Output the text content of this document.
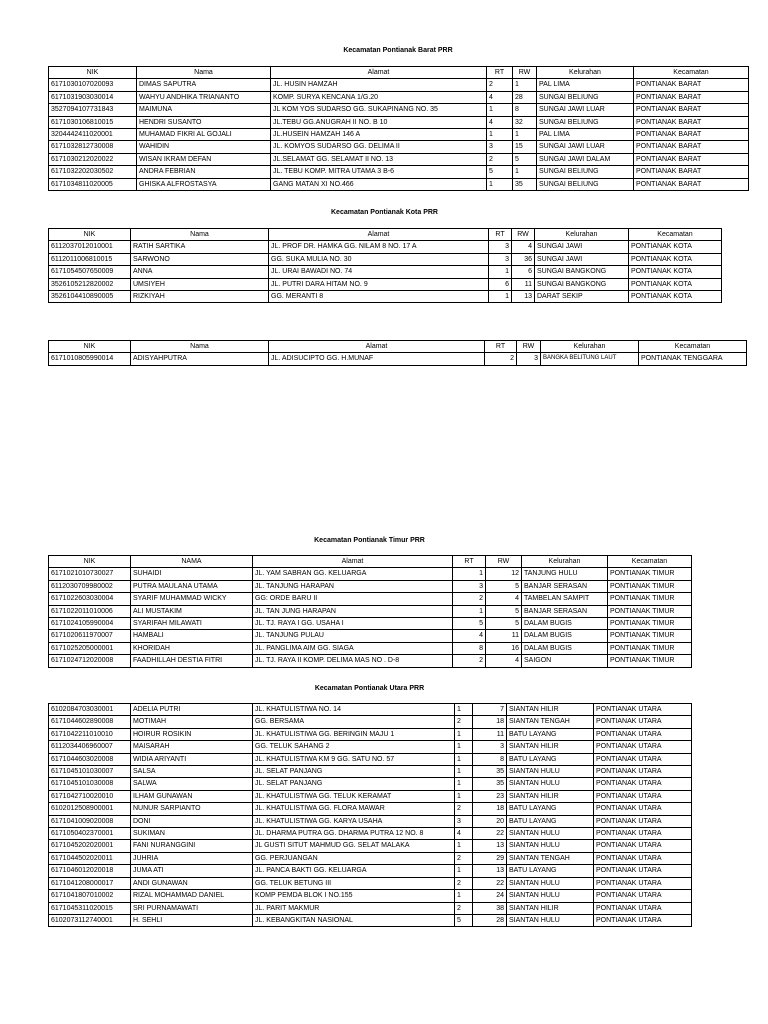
Kecamatan Pontianak Barat PRR
NIK	Nama	Alamat	RT	RW	Kelurahan	Kecamatan
6171030107020093	DIMAS SAPUTRA	JL. HUSIN HAMZAH	2	1	PAL LIMA	PONTIANAK BARAT
6171031903030014	WAHYU ANDHIKA TRIANANTO	KOMP. SURYA KENCANA 1/G.20	4	28	SUNGAI BELIUNG	PONTIANAK BARAT
3527094107731843	MAIMUNA	JL KOM YOS SUDARSO GG. SUKAPINANG NO. 35	1	8	SUNGAI JAWI LUAR	PONTIANAK BARAT
6171030106810015	HENDRI SUSANTO	JL.TEBU GG.ANUGRAH II NO. B 10	4	32	SUNGAI BELIUNG	PONTIANAK BARAT
3204442411020001	MUHAMAD FIKRI AL GOJALI	JL.HUSEIN HAMZAH 146 A	1	1	PAL LIMA	PONTIANAK BARAT
6171032812730008	WAHIDIN	JL. KOMYOS SUDARSO GG. DELIMA II	3	15	SUNGAI JAWI LUAR	PONTIANAK BARAT
6171030212020022	WISAN IKRAM DEFAN	JL.SELAMAT GG. SELAMAT II NO. 13	2	5	SUNGAI JAWI DALAM	PONTIANAK BARAT
6171032202030502	ANDRA FEBRIAN	JL. TEBU KOMP. MITRA UTAMA 3 B-6	5	1	SUNGAI BELIUNG	PONTIANAK BARAT
6171034811020005	GHISKA ALFROSTASYA	GANG MATAN XI NO.466	1	35	SUNGAI BELIUNG	PONTIANAK BARAT
Kecamatan Pontianak Kota PRR
NIK	Nama	Alamat	RT	RW	Kelurahan	Kecamatan
6112037012010001	RATIH SARTIKA	JL. PROF DR. HAMKA GG. NILAM 8 NO. 17 A	3	4	SUNGAI JAWI	PONTIANAK KOTA
6112011006810015	SARWONO	GG. SUKA MULIA NO. 30	3	36	SUNGAI JAWI	PONTIANAK KOTA
6171054507650009	ANNA	JL. URAI BAWADI NO. 74	1	6	SUNGAI BANGKONG	PONTIANAK KOTA
3526105212820002	UMSIYEH	JL. PUTRI DARA HITAM NO. 9	6	11	SUNGAI BANGKONG	PONTIANAK KOTA
3526104410890005	RIZKIYAH	GG. MERANTI 8	1	13	DARAT SEKIP	PONTIANAK KOTA
NIK	Nama	Alamat	RT	RW	Kelurahan	Kecamatan
6171010805990014	ADISYAHPUTRA	JL. ADISUCIPTO GG. H.MUNAF	2	3	BANGKA BELITUNG LAUT	PONTIANAK TENGGARA
Kecamatan Pontianak Timur PRR
NIK	NAMA	Alamat	RT	RW	Kelurahan	Kecamatan
6171021010730027	SUHAIDI	JL. YAM SABRAN GG. KELUARGA	1	12	TANJUNG HULU	PONTIANAK TIMUR
6112030709980002	PUTRA MAULANA UTAMA	JL. TANJUNG HARAPAN	3	5	BANJAR SERASAN	PONTIANAK TIMUR
6171022603030004	SYARIF MUHAMMAD WICKY	GG: ORDE BARU II	2	4	TAMBELAN SAMPIT	PONTIANAK TIMUR
6171022011010006	ALI MUSTAKIM	JL. TAN JUNG HARAPAN	1	5	BANJAR SERASAN	PONTIANAK TIMUR
6171024105990004	SYARIFAH MILAWATI	JL. TJ. RAYA I GG. USAHA I	5	5	DALAM BUGIS	PONTIANAK TIMUR
6171020611970007	HAMBALI	JL. TANJUNG PULAU	4	11	DALAM BUGIS	PONTIANAK TIMUR
6171025205000001	KHORIDAH	JL. PANGLIMA AIM GG. SIAGA	8	16	DALAM BUGIS	PONTIANAK TIMUR
6171024712020008	FAADHILLAH DESTIA FITRI	JL. TJ. RAYA II KOMP. DELIMA MAS NO . D-8	2	4	SAIGON	PONTIANAK TIMUR
Kecamatan Pontianak Utara PRR
6102084703030001	ADELIA PUTRI	JL. KHATULISTIWA NO. 14	1	7	SIANTAN HILIR	PONTIANAK UTARA
6171044602890008	MOTIMAH	GG. BERSAMA	2	18	SIANTAN TENGAH	PONTIANAK UTARA
6171042211010010	HOIRUR ROSIKIN	JL. KHATULISTIWA GG. BERINGIN MAJU 1	1	11	BATU LAYANG	PONTIANAK UTARA
6112034406960007	MAISARAH	GG. TELUK SAHANG 2	1	3	SIANTAN HILIR	PONTIANAK UTARA
6171044603020008	WIDIA ARIYANTI	JL. KHATULISTIWA KM 9 GG. SATU NO. 57	1	8	BATU LAYANG	PONTIANAK UTARA
6171045101030007	SALSA	JL. SELAT PANJANG	1	35	SIANTAN HULU	PONTIANAK UTARA
6171045101030008	SALWA	JL. SELAT PANJANG	1	35	SIANTAN HULU	PONTIANAK UTARA
6171042710020010	ILHAM GUNAWAN	JL. KHATULISTIWA GG. TELUK KERAMAT	1	23	SIANTAN HILIR	PONTIANAK UTARA
6102012508900001	NUNUR SARPIANTO	JL. KHATULISTIWA GG. FLORA MAWAR	2	18	BATU LAYANG	PONTIANAK UTARA
6171041009020008	DONI	JL. KHATULISTIWA GG. KARYA USAHA	3	20	BATU LAYANG	PONTIANAK UTARA
6171050402370001	SUKIMAN	JL. DHARMA PUTRA GG. DHARMA PUTRA 12 NO. 8	4	22	SIANTAN HULU	PONTIANAK UTARA
6171045202020001	FANI NURANGGINI	JL GUSTI SITUT MAHMUD GG. SELAT MALAKA	1	13	SIANTAN HULU	PONTIANAK UTARA
6171044502020011	JUHRIA	GG. PERJUANGAN	2	29	SIANTAN TENGAH	PONTIANAK UTARA
6171046012020018	JUMA ATI	JL. PANCA BAKTI GG. KELUARGA	1	13	BATU LAYANG	PONTIANAK UTARA
6171041208000017	ANDI GUNAWAN	GG. TELUK BETUNG III	2	22	SIANTAN HULU	PONTIANAK UTARA
6171041807010002	RIZAL MOHAMMAD DANIEL	KOMP PEMDA BLOK I NO.155	1	24	SIANTAN HULU	PONTIANAK UTARA
6171045311020015	SRI PURNAMAWATI	JL. PARIT MAKMUR	2	38	SIANTAN HILIR	PONTIANAK UTARA
6102073112740001	H. SEHLI	JL. KEBANGKITAN NASIONAL	5	28	SIANTAN HULU	PONTIANAK UTARA
